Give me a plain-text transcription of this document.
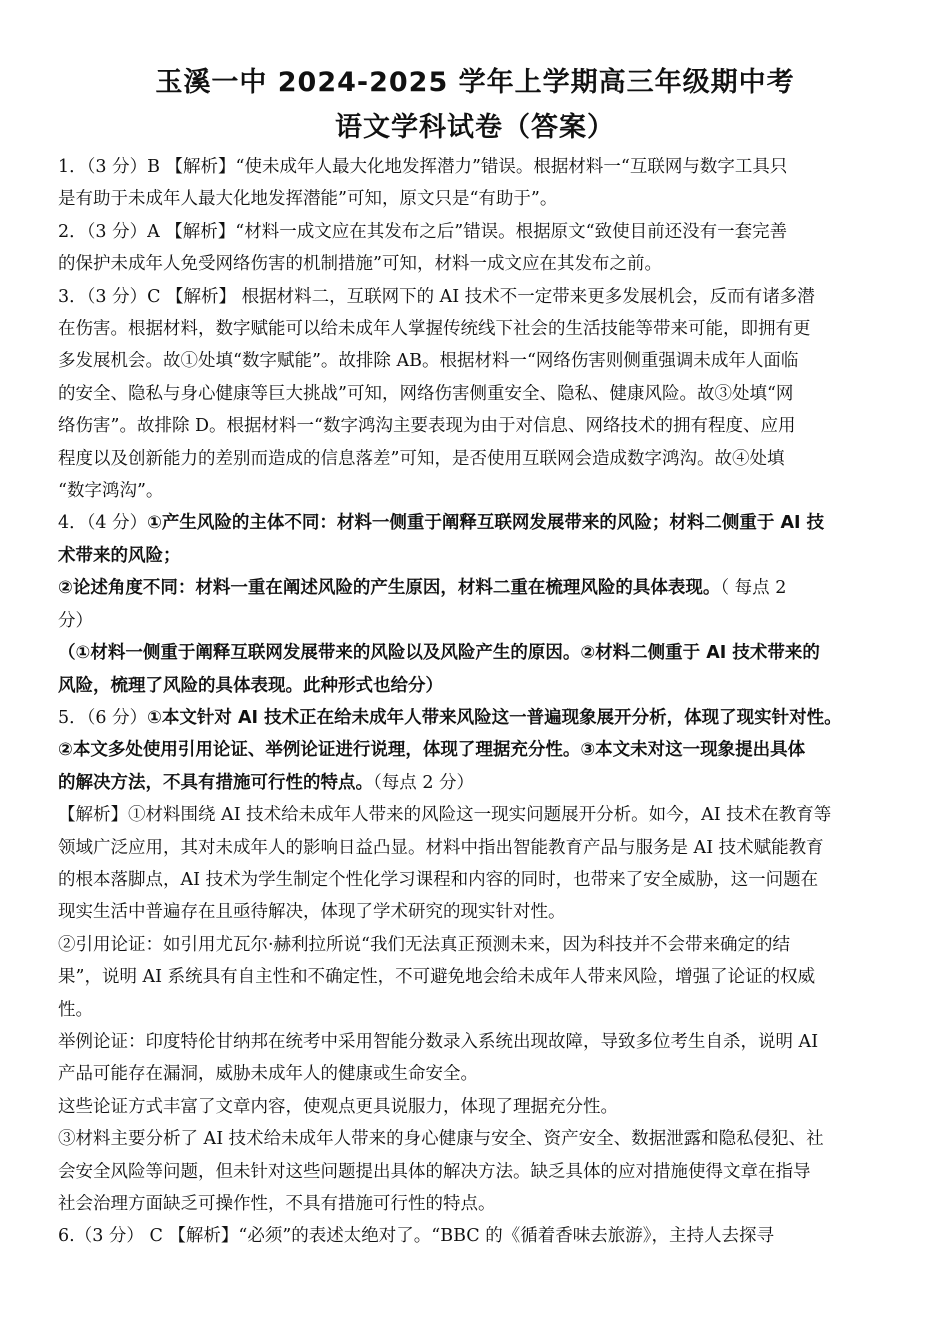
玉溪一中 2024-2025 学年上学期高三年级期中考
语文学科试卷（答案）
1．（3 分）B 【解析】“使未成年人最大化地发挥潜力”错误。根据材料一“互联网与数字工具只
是有助于未成年人最大化地发挥潜能”可知，原文只是“有助于”。
2．（3 分）A 【解析】“材料一成文应在其发布之后”错误。根据原文“致使目前还没有一套完善
的保护未成年人免受网络伤害的机制措施”可知，材料一成文应在其发布之前。
3．（3 分）C 【解析】 根据材料二，互联网下的 AI 技术不一定带来更多发展机会，反而有诸多潜
在伤害。根据材料，数字赋能可以给未成年人掌握传统线下社会的生活技能等带来可能，即拥有更
多发展机会。故①处填“数字赋能”。故排除 AB。根据材料一“网络伤害则侧重强调未成年人面临
的安全、隐私与身心健康等巨大挑战”可知，网络伤害侧重安全、隐私、健康风险。故③处填“网
络伤害”。故排除 D。根据材料一“数字鸿沟主要表现为由于对信息、网络技术的拥有程度、应用
程度以及创新能力的差别而造成的信息落差”可知，是否使用互联网会造成数字鸿沟。故④处填
“数字鸿沟”。
4．（4 分）①产生风险的主体不同：材料一侧重于阐释互联网发展带来的风险；材料二侧重于 AI 技
术带来的风险；
②论述角度不同：材料一重在阐述风险的产生原因，材料二重在梳理风险的具体表现。（ 每点 2
分）
（①材料一侧重于阐释互联网发展带来的风险以及风险产生的原因。②材料二侧重于 AI 技术带来的
风险，梳理了风险的具体表现。此种形式也给分）
5．（6 分）①本文针对 AI 技术正在给未成年人带来风险这一普遍现象展开分析，体现了现实针对性。
②本文多处使用引用论证、举例论证进行说理，体现了理据充分性。③本文未对这一现象提出具体
的解决方法，不具有措施可行性的特点。（每点 2 分）
【解析】①材料围绕 AI 技术给未成年人带来的风险这一现实问题展开分析。如今，AI 技术在教育等
领域广泛应用，其对未成年人的影响日益凸显。材料中指出智能教育产品与服务是 AI 技术赋能教育
的根本落脚点，AI 技术为学生制定个性化学习课程和内容的同时，也带来了安全威胁，这一问题在
现实生活中普遍存在且亟待解决，体现了学术研究的现实针对性。
②引用论证：如引用尤瓦尔·赫利拉所说“我们无法真正预测未来，因为科技并不会带来确定的结
果”，说明 AI 系统具有自主性和不确定性，不可避免地会给未成年人带来风险，增强了论证的权威
性。
举例论证：印度特伦甘纳邦在统考中采用智能分数录入系统出现故障，导致多位考生自杀，说明 AI
产品可能存在漏洞，威胁未成年人的健康或生命安全。
这些论证方式丰富了文章内容，使观点更具说服力，体现了理据充分性。
③材料主要分析了 AI 技术给未成年人带来的身心健康与安全、资产安全、数据泄露和隐私侵犯、社
会安全风险等问题，但未针对这些问题提出具体的解决方法。缺乏具体的应对措施使得文章在指导
社会治理方面缺乏可操作性，不具有措施可行性的特点。
6.（3 分） C 【解析】“必须”的表述太绝对了。“BBC 的《循着香味去旅游》，主持人去探寻
